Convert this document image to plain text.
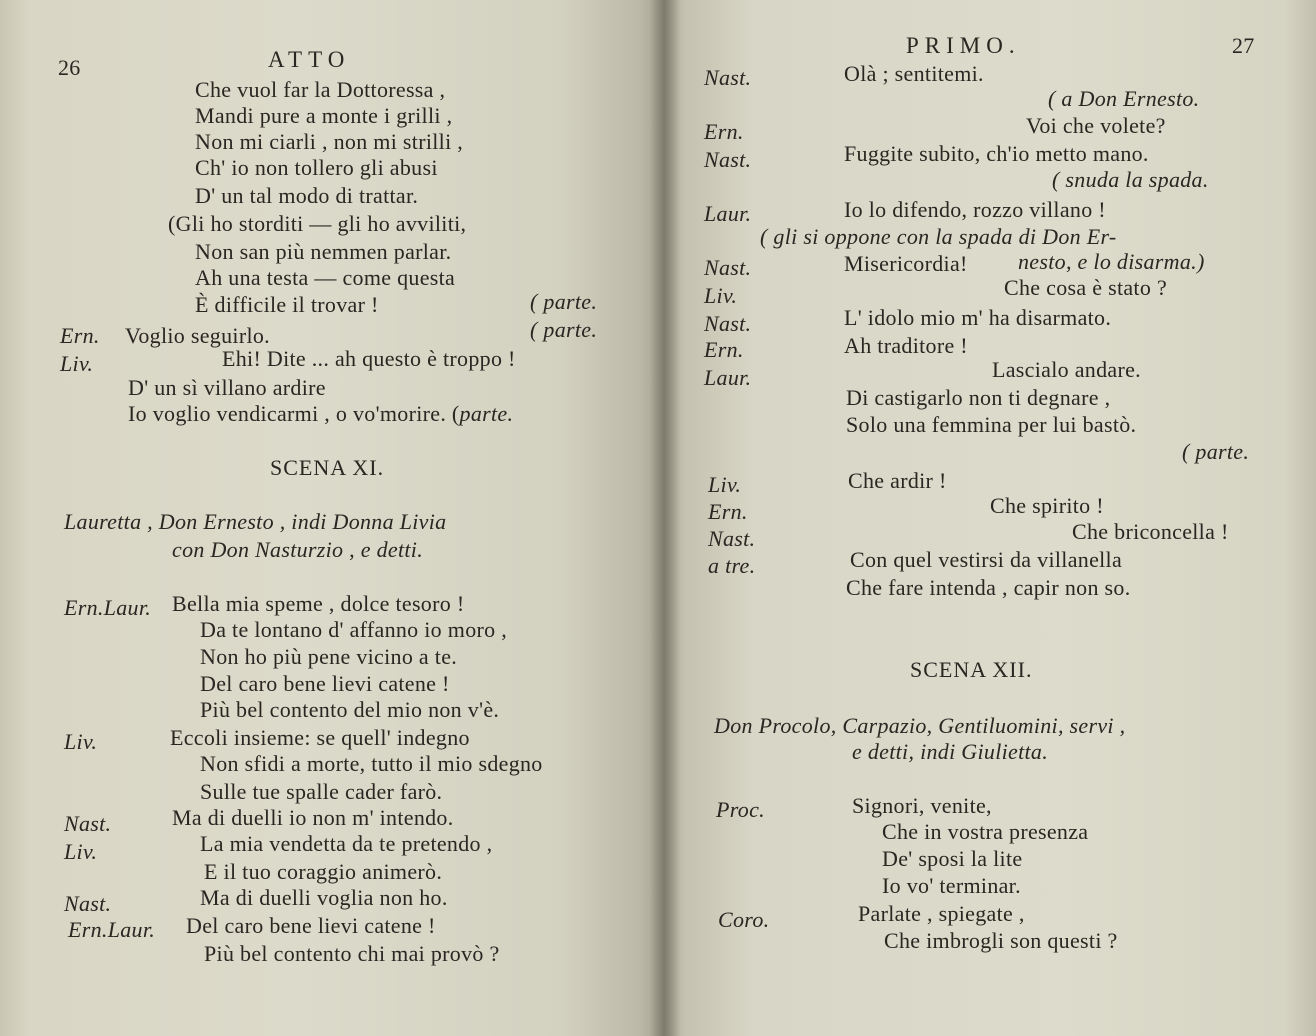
26	ATTO
Che vuol far la Dottoressa ,
Mandi pure a monte i grilli ,
Non mi ciarli , non mi strilli ,
Ch' io non tollero gli abusi
D' un tal modo di trattar.
(Gli ho storditi — gli ho avviliti,
Non san più nemmen parlar.
Ah una testa — come questa
È difficile il trovar !	( parte.
Ern. Voglio seguirlo.	( parte.
Liv.	Ehi! Dite ... ah questo è troppo !
D' un sì villano ardire
Io voglio vendicarmi , o vo'morire. (parte.
SCENA XI.
Lauretta , Don Ernesto , indi Donna Livia
con Don Nasturzio , e detti.
Ern.Laur. Bella mia speme , dolce tesoro !
Da te lontano d' affanno io moro ,
Non ho più pene vicino a te.
Del caro bene lievi catene !
Più bel contento del mio non v'è.
Liv.	Eccoli insieme: se quell' indegno
Non sfidi a morte, tutto il mio sdegno
Sulle tue spalle cader farò.
Nast.	Ma di duelli io non m' intendo.
Liv.	La mia vendetta da te pretendo ,
E il tuo coraggio animerò.
Nast.	Ma di duelli voglia non ho.
Ern.Laur. Del caro bene lievi catene !
Più bel contento chi mai provò ?
PRIMO.	27
Nast.	Olà ; sentitemi.
( a Don Ernesto.
Ern.	Voi che volete?
Nast.	Fuggite subito, ch'io metto mano.
( snuda la spada.
Laur.	Io lo difendo, rozzo villano !
( gli si oppone con la spada di Don Er-
Nast.	Misericordia! nesto, e lo disarma.)
Liv.	Che cosa è stato ?
Nast.	L' idolo mio m' ha disarmato.
Ern.	Ah traditore !
Laur.	Lascialo andare.
Di castigarlo non ti degnare ,
Solo una femmina per lui bastò.
( parte.
Liv.	Che ardir !
Ern.	Che spirito !
Nast.	Che briconcella !
a tre.	Con quel vestirsi da villanella
Che fare intenda , capir non so.
SCENA XII.
Don Procolo, Carpazio, Gentiluomini, servi ,
e detti, indi Giulietta.
Proc.	Signori, venite,
Che in vostra presenza
De' sposi la lite
Io vo' terminar.
Coro.	Parlate , spiegate ,
Che imbrogli son questi ?
